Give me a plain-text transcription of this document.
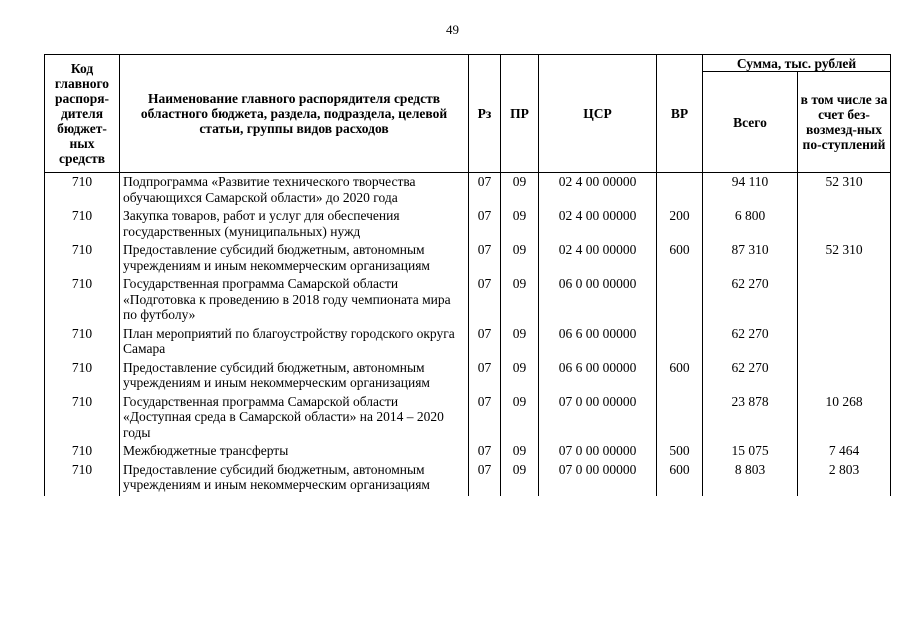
49
Код главного распоря-дителя бюджет-ных средств	Наименование главного распорядителя средств областного бюджета, раздела, подраздела, целевой статьи, группы видов расходов	Рз	ПР	ЦСР	ВР	Сумма, тыс. рублей	
						Всего	в том числе за счет без-возмезд-ных по-ступлений
710	Подпрограмма «Развитие технического творчества обучающихся Самарской области» до 2020 года	07	09	02 4 00 00000		94 110	52 310
710	Закупка товаров, работ и услуг для обеспечения государственных (муниципальных) нужд	07	09	02 4 00 00000	200	6 800	
710	Предоставление субсидий бюджетным, автономным учреждениям и иным некоммерческим организациям	07	09	02 4 00 00000	600	87 310	52 310
710	Государственная программа Самарской области «Подготовка к проведению в 2018 году чемпионата мира по футболу»	07	09	06 0 00 00000		62 270	
710	План мероприятий по благоустройству городского округа Самара	07	09	06 6 00 00000		62 270	
710	Предоставление субсидий бюджетным, автономным учреждениям и иным некоммерческим организациям	07	09	06 6 00 00000	600	62 270	
710	Государственная программа Самарской области «Доступная среда в Самарской области» на 2014 – 2020 годы	07	09	07 0 00 00000		23 878	10 268
710	Межбюджетные трансферты	07	09	07 0 00 00000	500	15 075	7 464
710	Предоставление субсидий бюджетным, автономным учреждениям и иным некоммерческим организациям	07	09	07 0 00 00000	600	8 803	2 803
